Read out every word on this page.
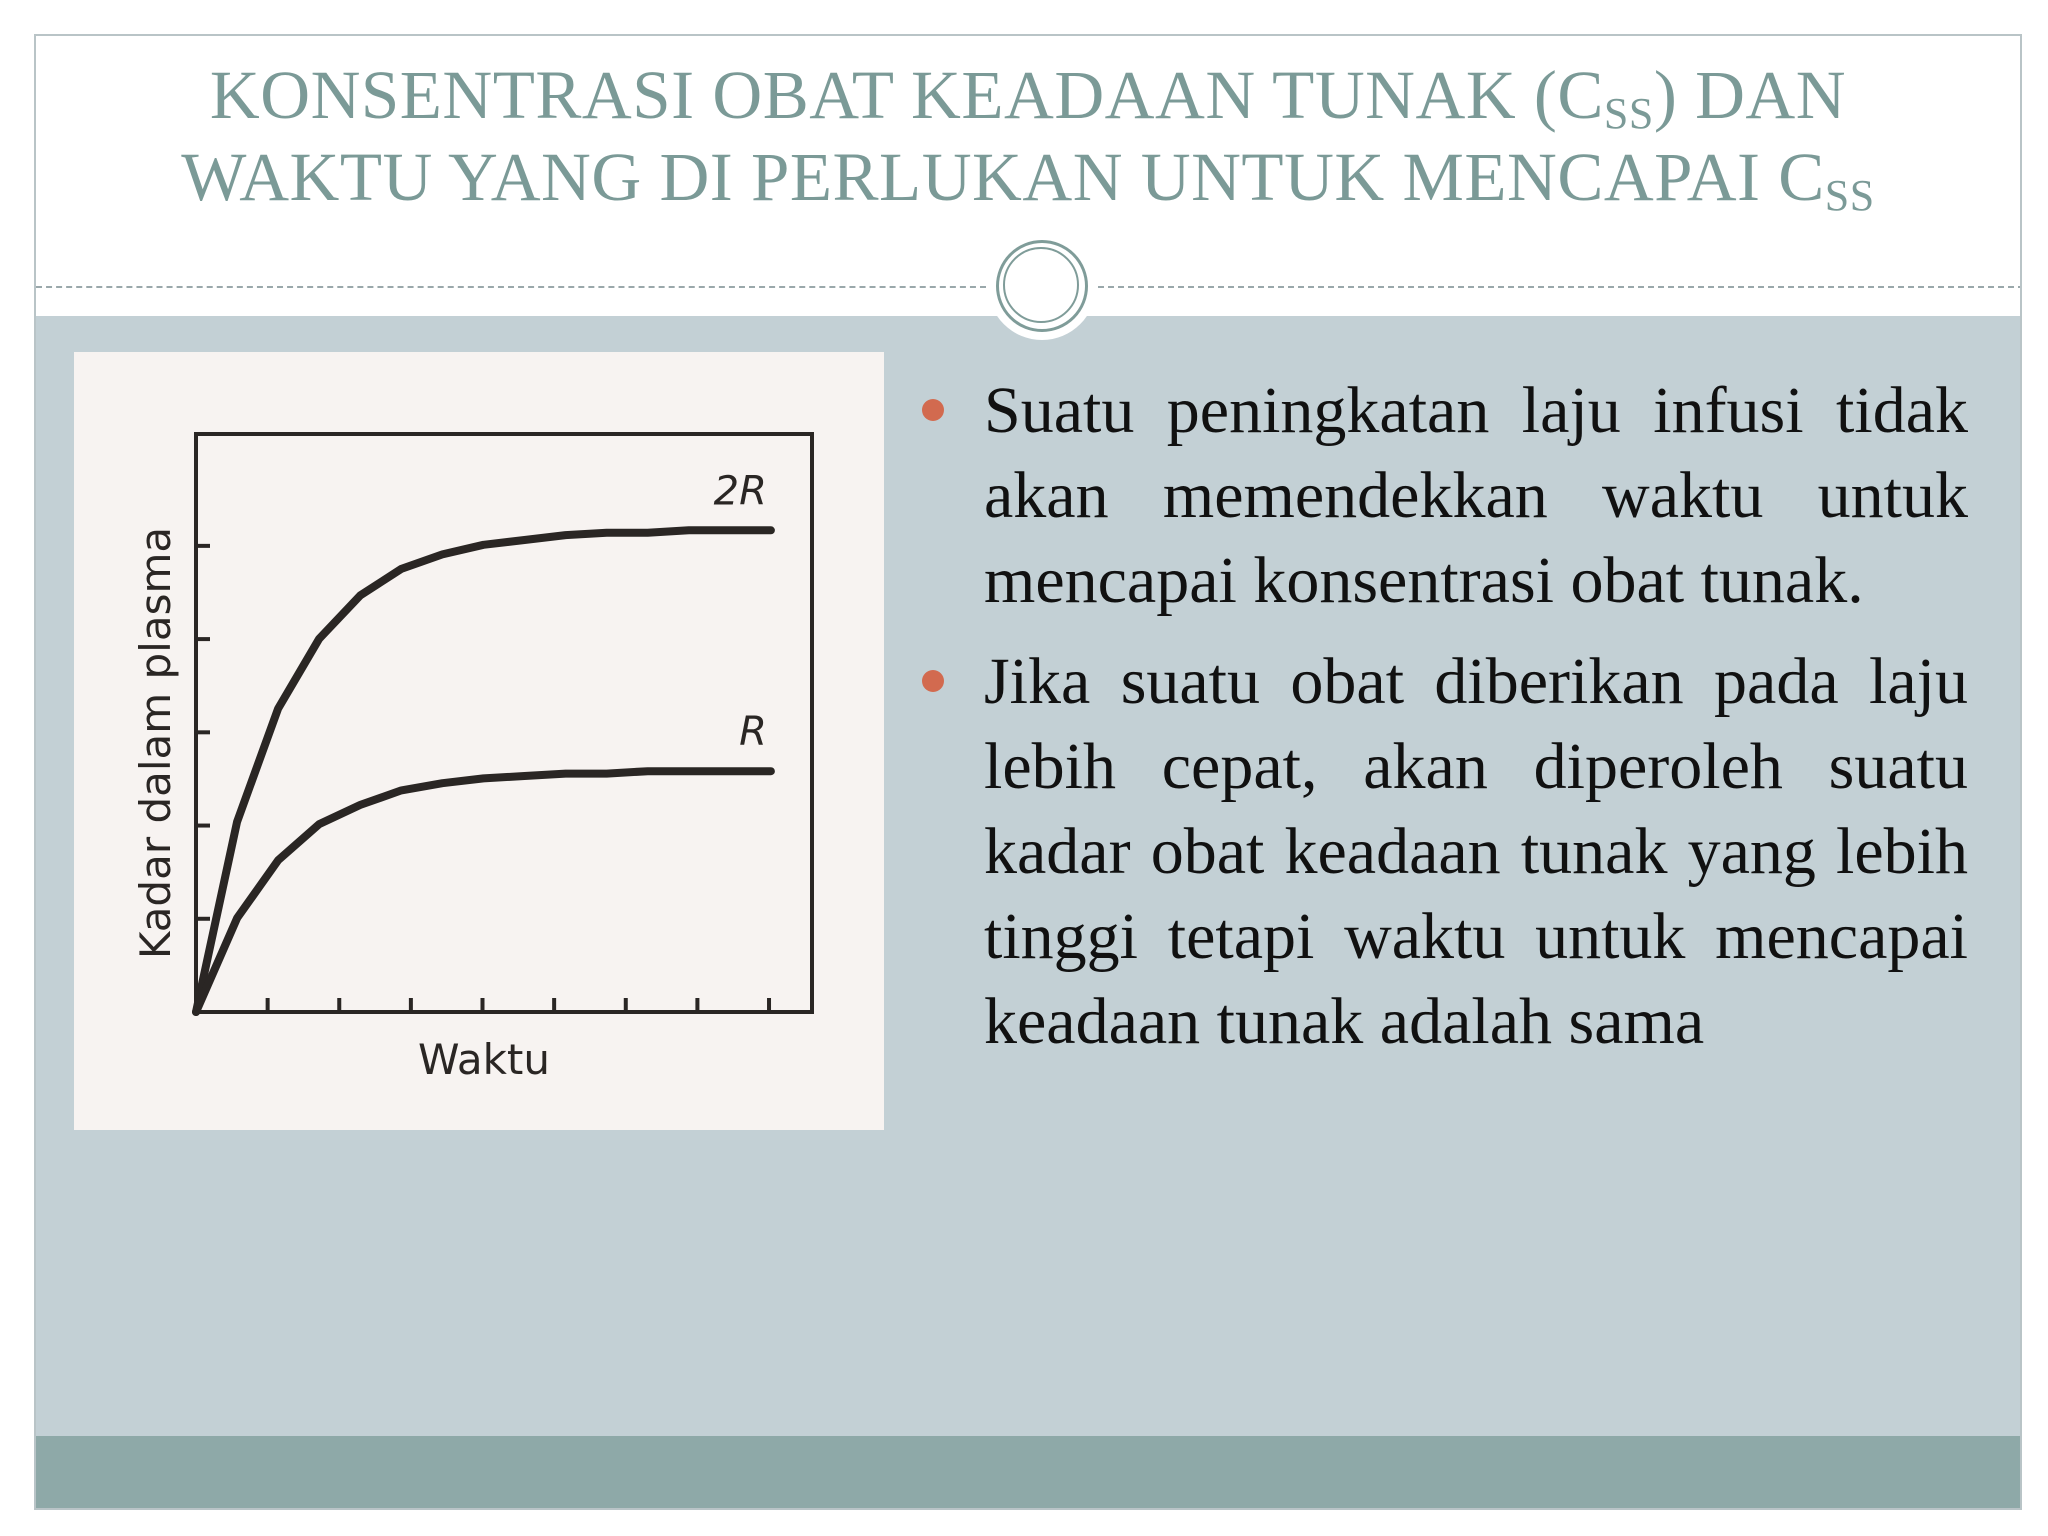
KONSENTRASI OBAT KEADAAN TUNAK $(C_{SS})$ DAN
WAKTU YANG DI PERLUKAN UNTUK MENCAPAI $C_{SS}$
2R
R
Waktu
Kadar dalam plasma
Suatu peningkatan laju infusi tidak akan memendekkan waktu untuk mencapai konsentrasi obat tunak.
Jika suatu obat diberikan pada laju lebih cepat, akan diperoleh suatu kadar obat keadaan tunak yang lebih tinggi tetapi waktu untuk mencapai keadaan tunak adalah sama
